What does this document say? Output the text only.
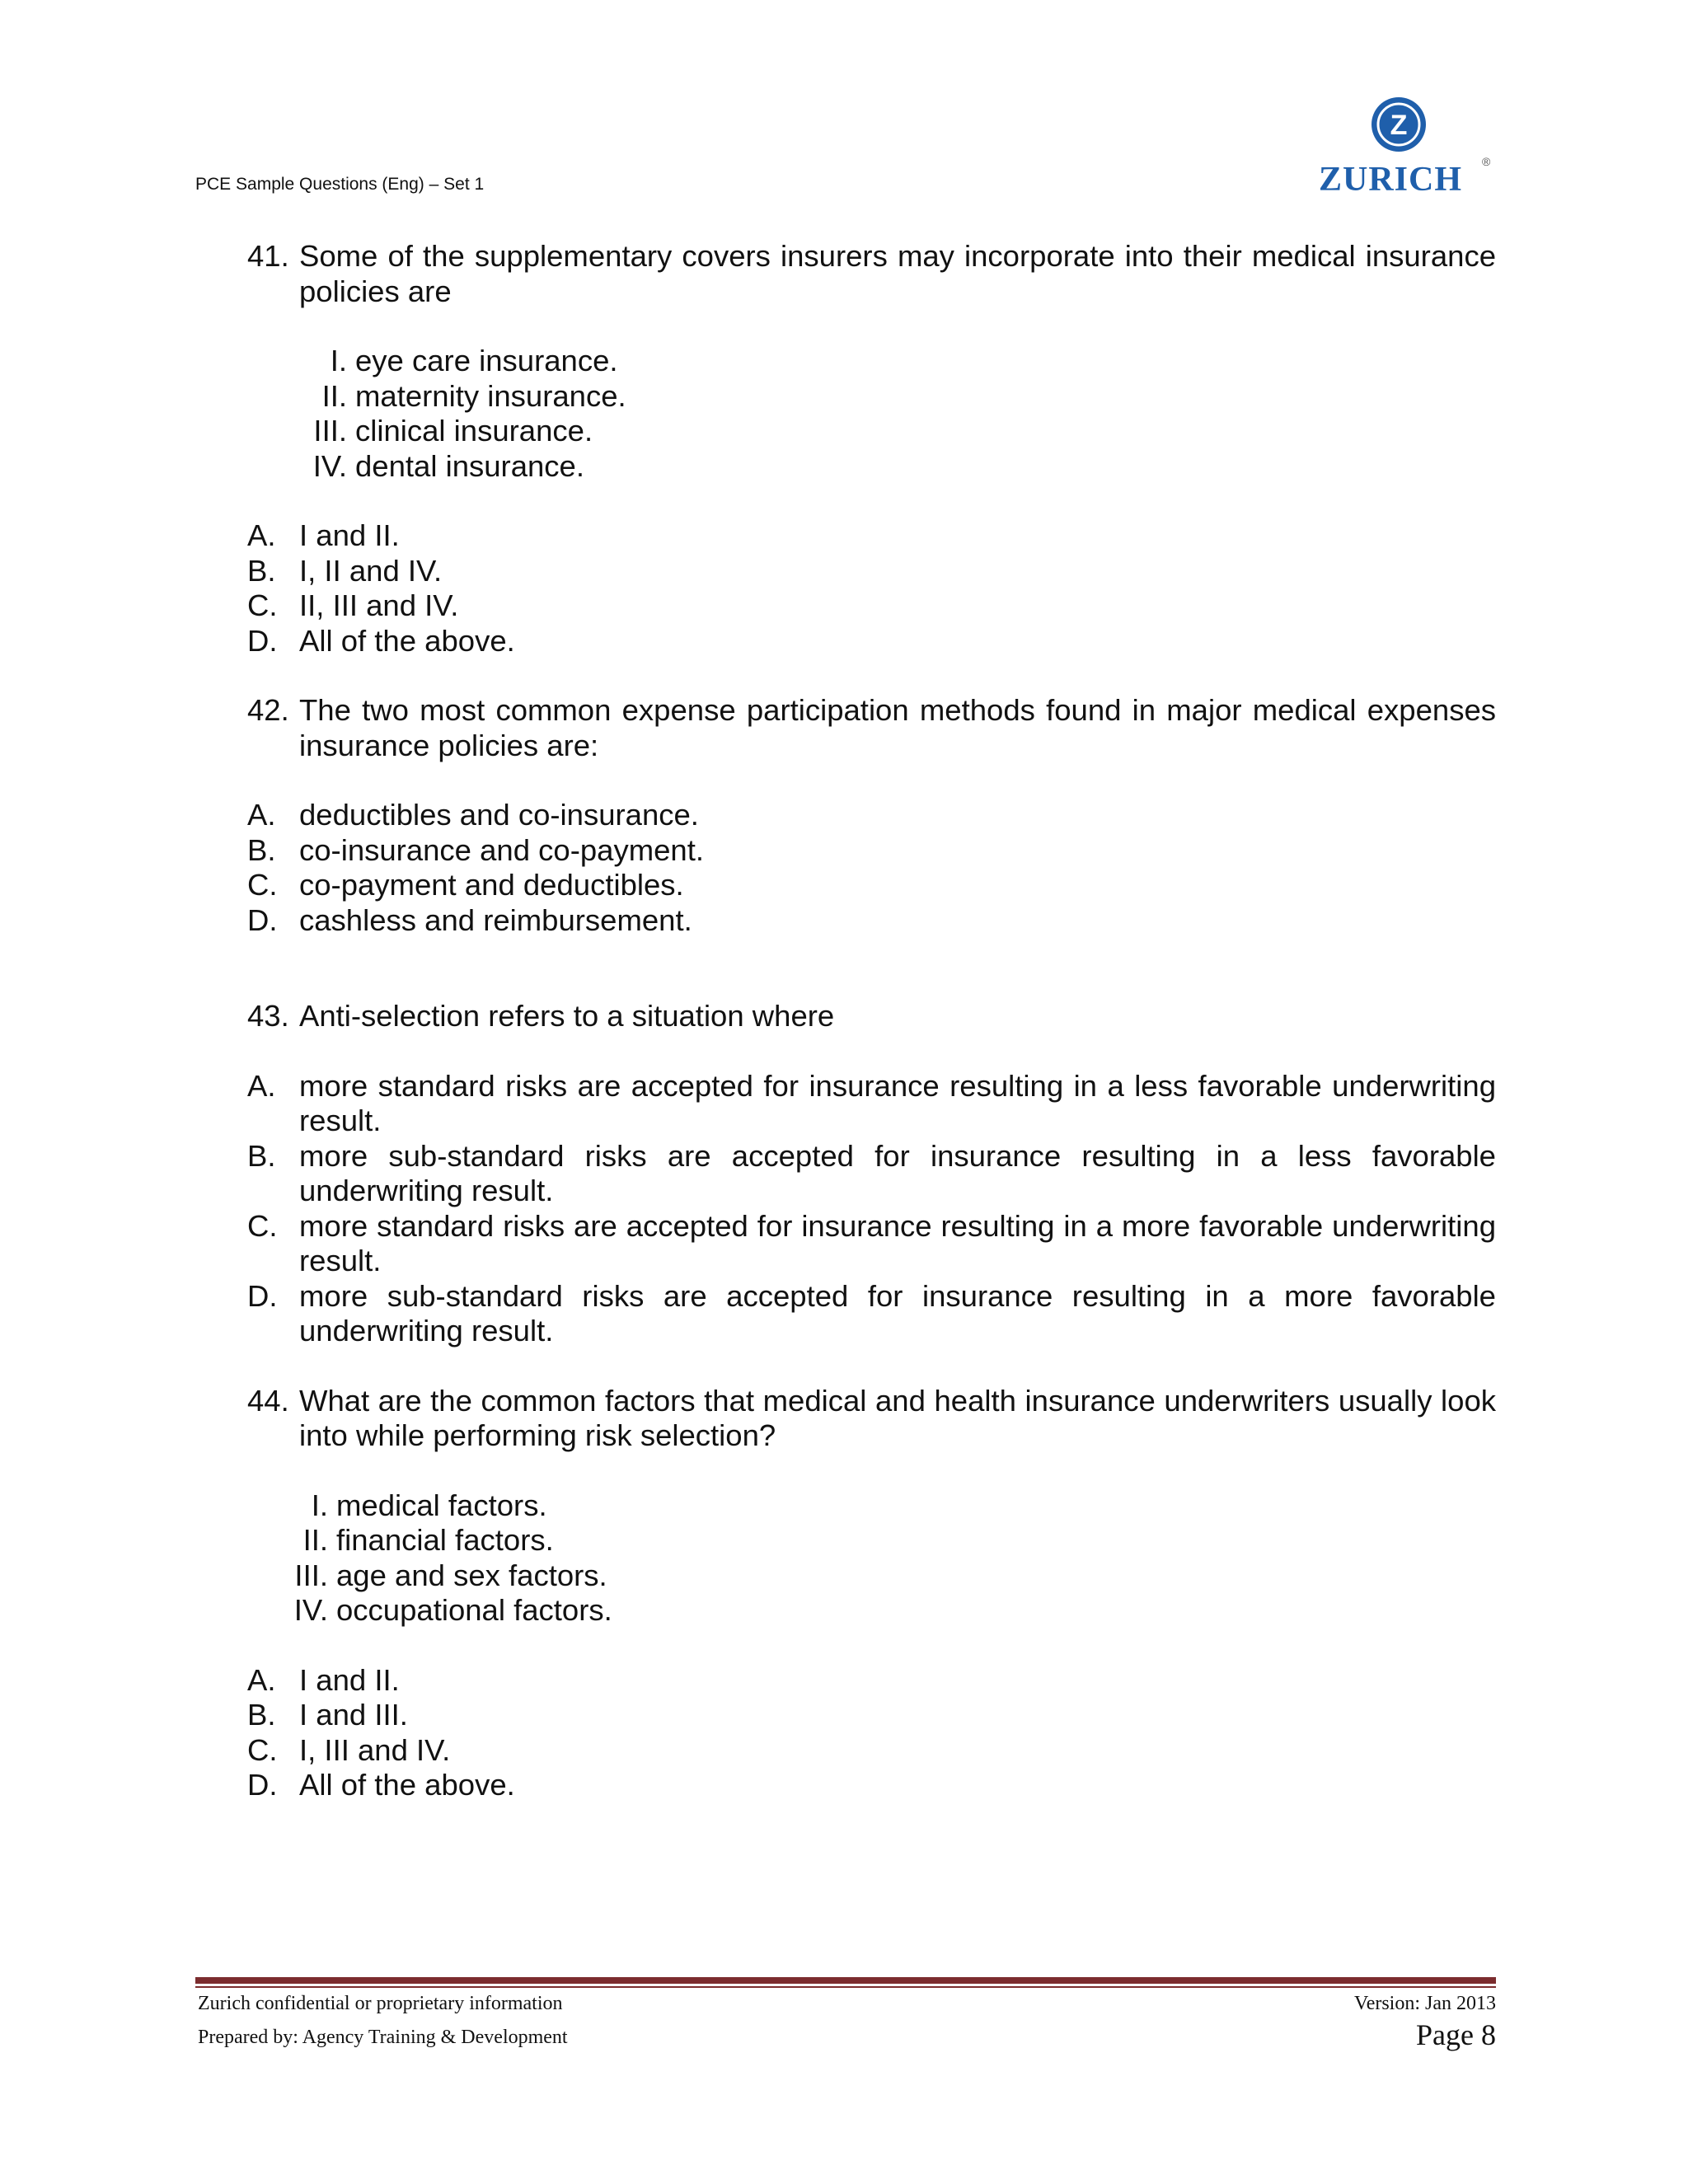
PCE Sample Questions (Eng) – Set 1
Z
ZURICH ®
41. Some of the supplementary covers insurers may incorporate into their medical insurance policies are
I. eye care insurance.
II. maternity insurance.
III. clinical insurance.
IV. dental insurance.
A. I and II.
B. I, II and IV.
C. II, III and IV.
D. All of the above.
42. The two most common expense participation methods found in major medical expenses insurance policies are:
A. deductibles and co-insurance.
B. co-insurance and co-payment.
C. co-payment and deductibles.
D. cashless and reimbursement.
43. Anti-selection refers to a situation where
A. more standard risks are accepted for insurance resulting in a less favorable underwriting result.
B. more sub-standard risks are accepted for insurance resulting in a less favorable underwriting result.
C. more standard risks are accepted for insurance resulting in a more favorable underwriting result.
D. more sub-standard risks are accepted for insurance resulting in a more favorable underwriting result.
44. What are the common factors that medical and health insurance underwriters usually look into while performing risk selection?
I. medical factors.
II. financial factors.
III. age and sex factors.
IV. occupational factors.
A. I and II.
B. I and III.
C. I, III and IV.
D. All of the above.
Zurich confidential or proprietary information
Prepared by: Agency Training & Development
Version: Jan 2013
Page 8
